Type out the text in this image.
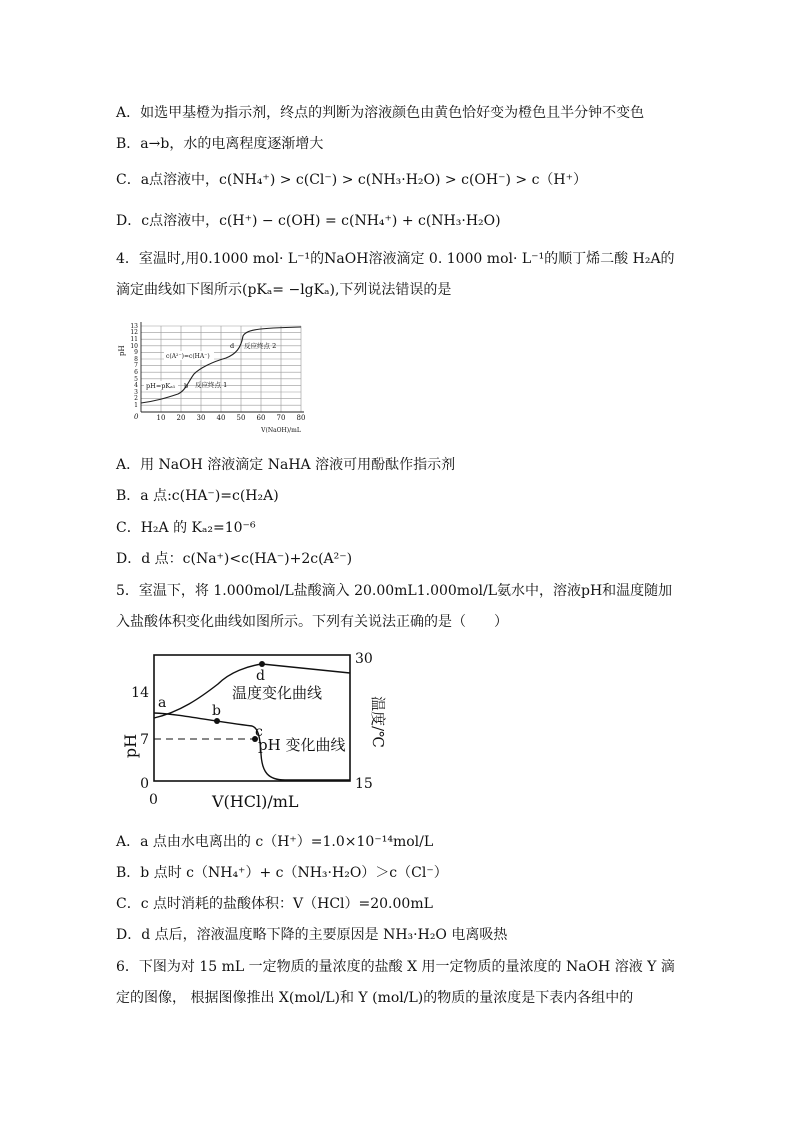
A．如选甲基橙为指示剂，终点的判断为溶液颜色由黄色恰好变为橙色且半分钟不变色
B．a→b，水的电离程度逐渐增大
C．a点溶液中，c(NH₄⁺) > c(Cl⁻) > c(NH₃·H₂O) > c(OH⁻) > c（H⁺）
D．c点溶液中，c(H⁺) − c(OH) = c(NH₄⁺) + c(NH₃·H₂O)
4．室温时,用0.1000 mol· L⁻¹的NaOH溶液滴定 0. 1000 mol· L⁻¹的顺丁烯二酸 H₂A的滴定曲线如下图所示(pKₐ= −lgKₐ),下列说法错误的是
1
2
3
4
5
6
7
8
9
10
11
12
13
pH
0	10 20 30 40 50 60 70 80
V(NaOH)/mL
pH=pKₐ₁ b 反应终点 1
c(A²⁻)=c(HA⁻)
d 反应终点 2
A．用 NaOH 溶液滴定 NaHA 溶液可用酚酞作指示剂
B．a 点:c(HA⁻)=c(H₂A)
C．H₂A 的 Kₐ₂=10⁻⁶
D．d 点：c(Na⁺)<c(HA⁻)+2c(A²⁻)
5．室温下，将 1.000mol/L盐酸滴入 20.00mL1.000mol/L氨水中，溶液pH和温度随加入盐酸体积变化曲线如图所示。下列有关说法正确的是（　　）
a	b
c
d
温度变化曲线
pH 变化曲线
14
7
0
pH
0	V(HCl)/mL
30
15
温度/℃
A．a 点由水电离出的 c（H⁺）=1.0×10⁻¹⁴mol/L
B．b 点时 c（NH₄⁺）+ c（NH₃·H₂O）＞c（Cl⁻）
C．c 点时消耗的盐酸体积：V（HCl）=20.00mL
D．d 点后，溶液温度略下降的主要原因是 NH₃·H₂O 电离吸热
6．下图为对 15 mL 一定物质的量浓度的盐酸 X 用一定物质的量浓度的 NaOH 溶液 Y 滴定的图像， 根据图像推出 X(mol/L)和 Y (mol/L)的物质的量浓度是下表内各组中的
